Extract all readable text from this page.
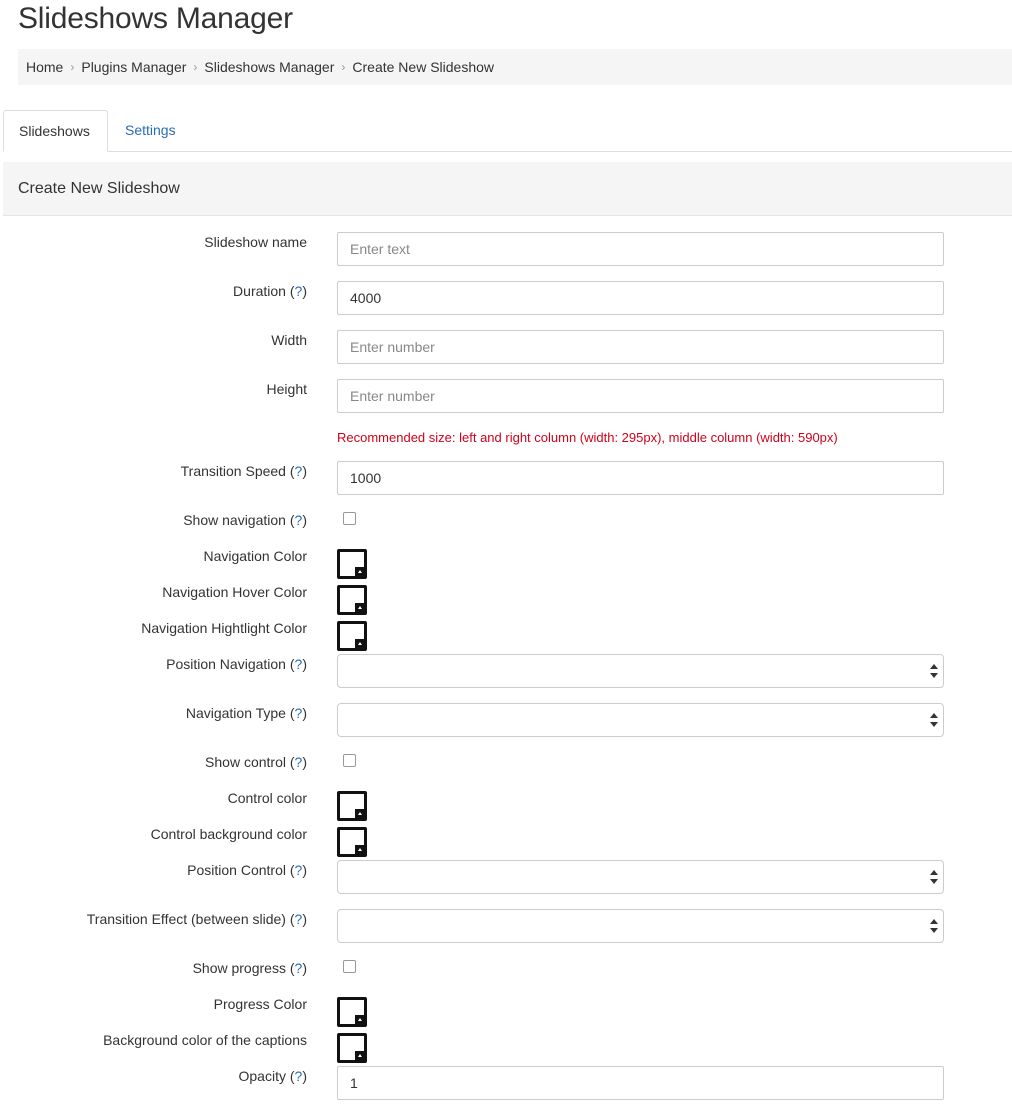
Slideshows Manager
Home › Plugins Manager › Slideshows Manager › Create New Slideshow
Slideshows	Settings
Create New Slideshow
Slideshow name
Enter text
Duration (?)
4000
Width
Enter number
Height
Enter number
Recommended size: left and right column (width: 295px), middle column (width: 590px)
Transition Speed (?)
1000
Show navigation (?)
Navigation Color
Navigation Hover Color
Navigation Hightlight Color
Position Navigation (?)
Navigation Type (?)
Show control (?)
Control color
Control background color
Position Control (?)
Transition Effect (between slide) (?)
Show progress (?)
Progress Color
Background color of the captions
Opacity (?)
1
